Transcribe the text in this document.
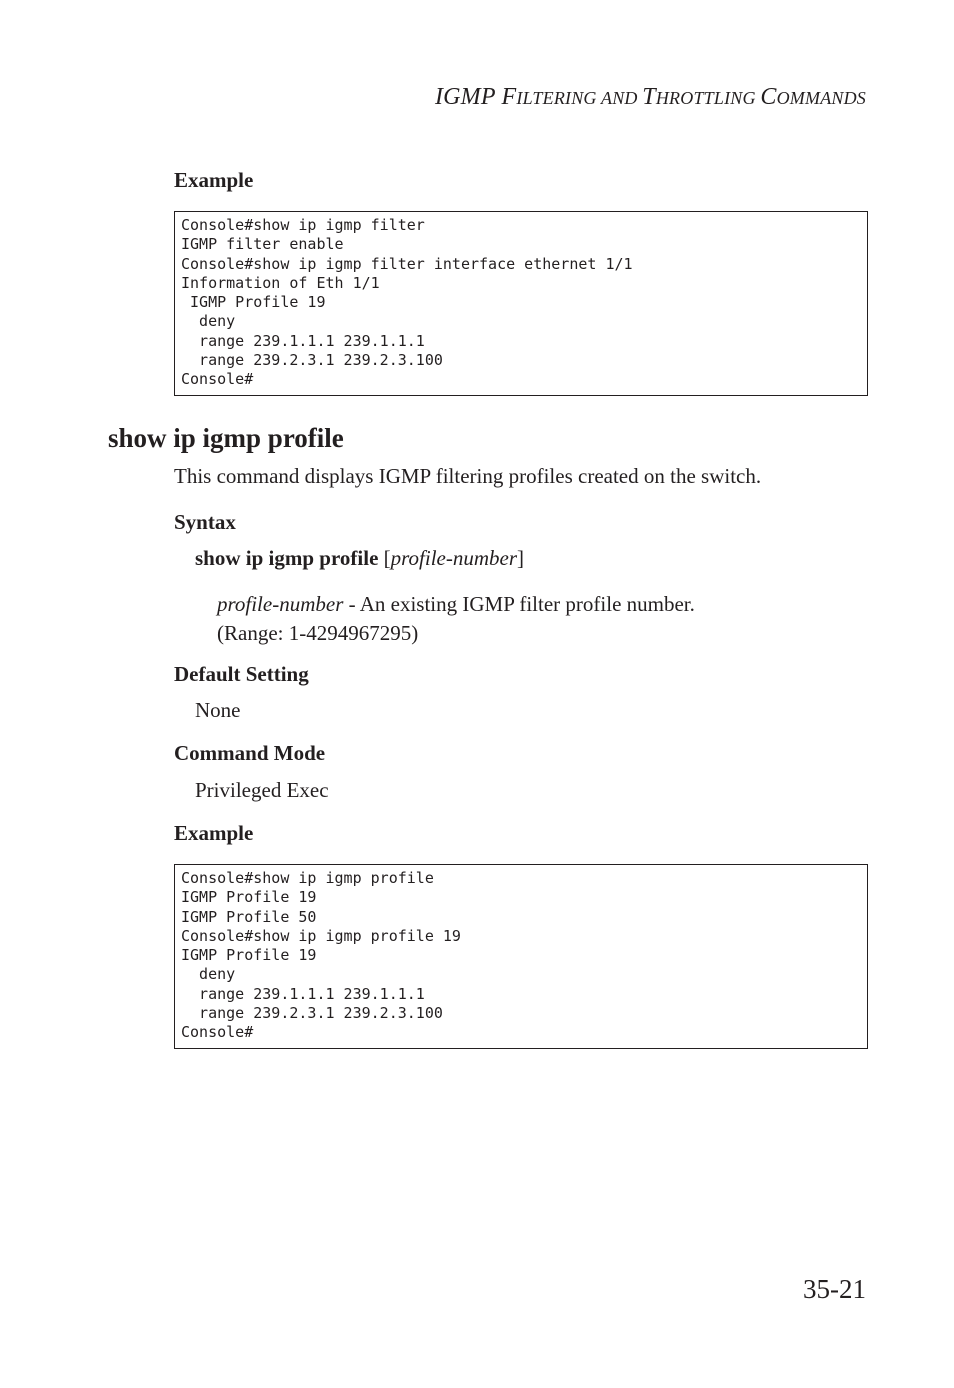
IGMP FILTERING AND THROTTLING COMMANDS
Example
Console#show ip igmp filter
IGMP filter enable
Console#show ip igmp filter interface ethernet 1/1
Information of Eth 1/1
IGMP Profile 19
deny
range 239.1.1.1 239.1.1.1
range 239.2.3.1 239.2.3.100
Console#
show ip igmp profile

This command displays IGMP filtering profiles created on the switch.

Syntax
show ip igmp profile [profile-number]
profile-number - An existing IGMP filter profile number.
(Range: 1-4294967295)
Default Setting

None

Command Mode

Privileged Exec

Example
Console#show ip igmp profile
IGMP Profile 19
IGMP Profile 50
Console#show ip igmp profile 19
IGMP Profile 19
deny
range 239.1.1.1 239.1.1.1
range 239.2.3.1 239.2.3.100
Console#
35-21
